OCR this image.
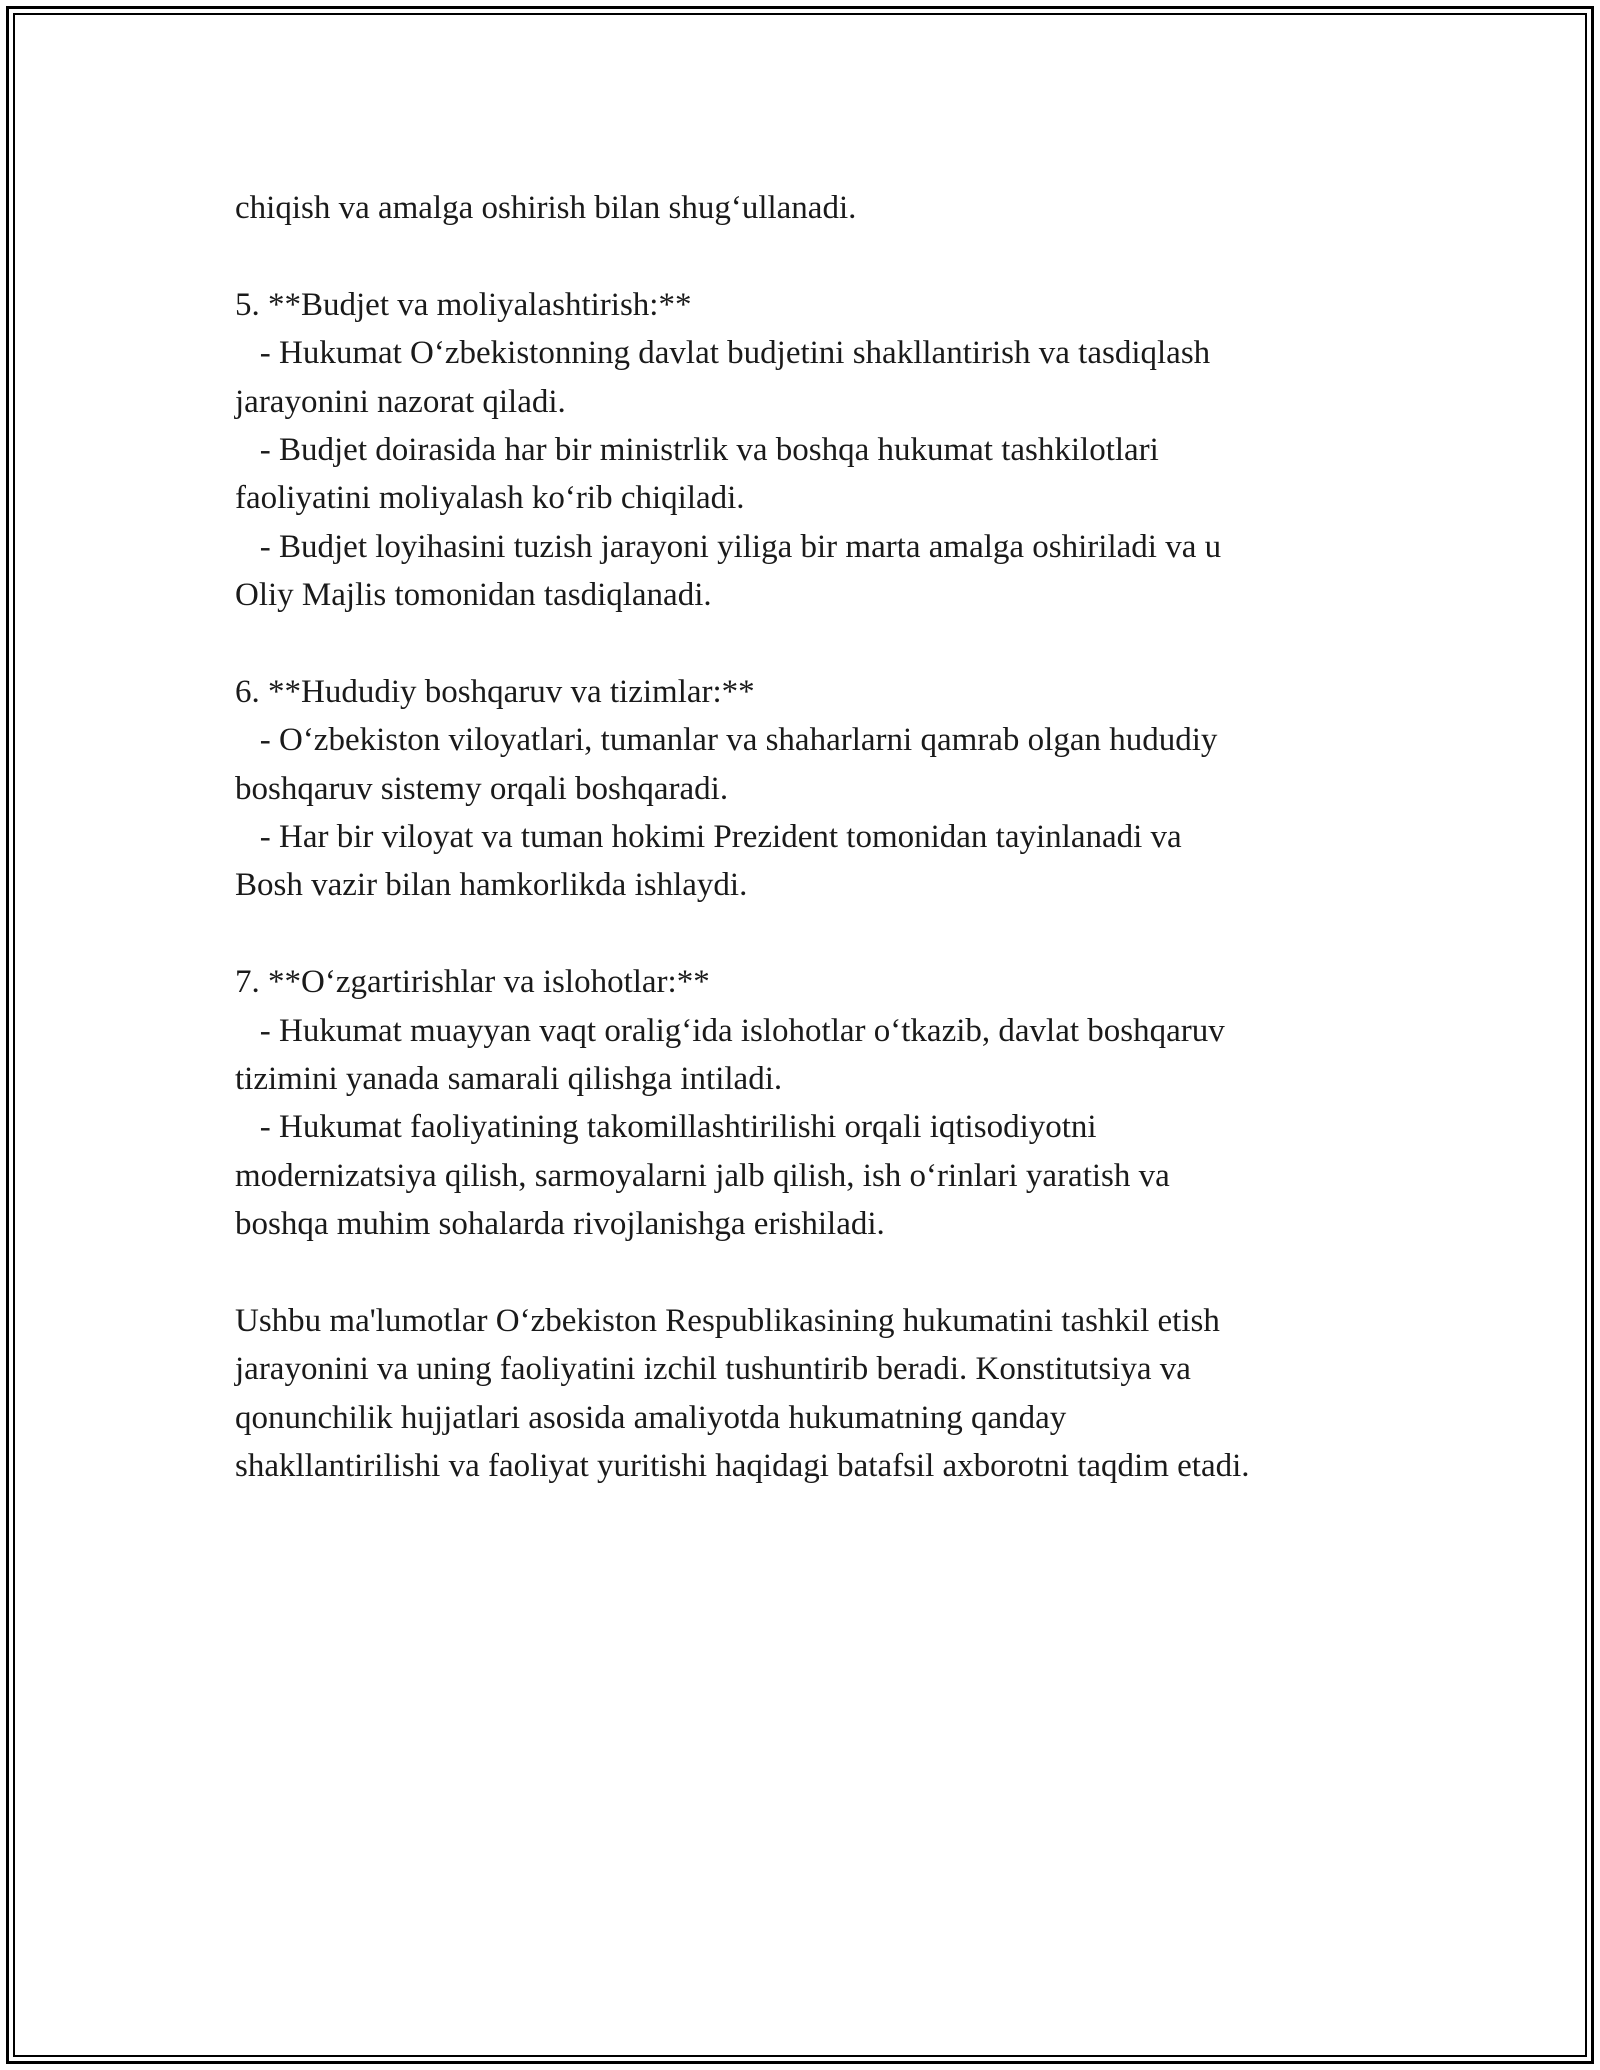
chiqish va amalga oshirish bilan shug‘ullanadi.
5. **Budjet va moliyalashtirish:**
- Hukumat O‘zbekistonning davlat budjetini shakllantirish va tasdiqlash
jarayonini nazorat qiladi.
- Budjet doirasida har bir ministrlik va boshqa hukumat tashkilotlari
faoliyatini moliyalash ko‘rib chiqiladi.
- Budjet loyihasini tuzish jarayoni yiliga bir marta amalga oshiriladi va u
Oliy Majlis tomonidan tasdiqlanadi.
6. **Hududiy boshqaruv va tizimlar:**
- O‘zbekiston viloyatlari, tumanlar va shaharlarni qamrab olgan hududiy
boshqaruv sistemy orqali boshqaradi.
- Har bir viloyat va tuman hokimi Prezident tomonidan tayinlanadi va
Bosh vazir bilan hamkorlikda ishlaydi.
7. **O‘zgartirishlar va islohotlar:**
- Hukumat muayyan vaqt oralig‘ida islohotlar o‘tkazib, davlat boshqaruv
tizimini yanada samarali qilishga intiladi.
- Hukumat faoliyatining takomillashtirilishi orqali iqtisodiyotni
modernizatsiya qilish, sarmoyalarni jalb qilish, ish o‘rinlari yaratish va
boshqa muhim sohalarda rivojlanishga erishiladi.
Ushbu ma'lumotlar O‘zbekiston Respublikasining hukumatini tashkil etish
jarayonini va uning faoliyatini izchil tushuntirib beradi. Konstitutsiya va
qonunchilik hujjatlari asosida amaliyotda hukumatning qanday
shakllantirilishi va faoliyat yuritishi haqidagi batafsil axborotni taqdim etadi.
